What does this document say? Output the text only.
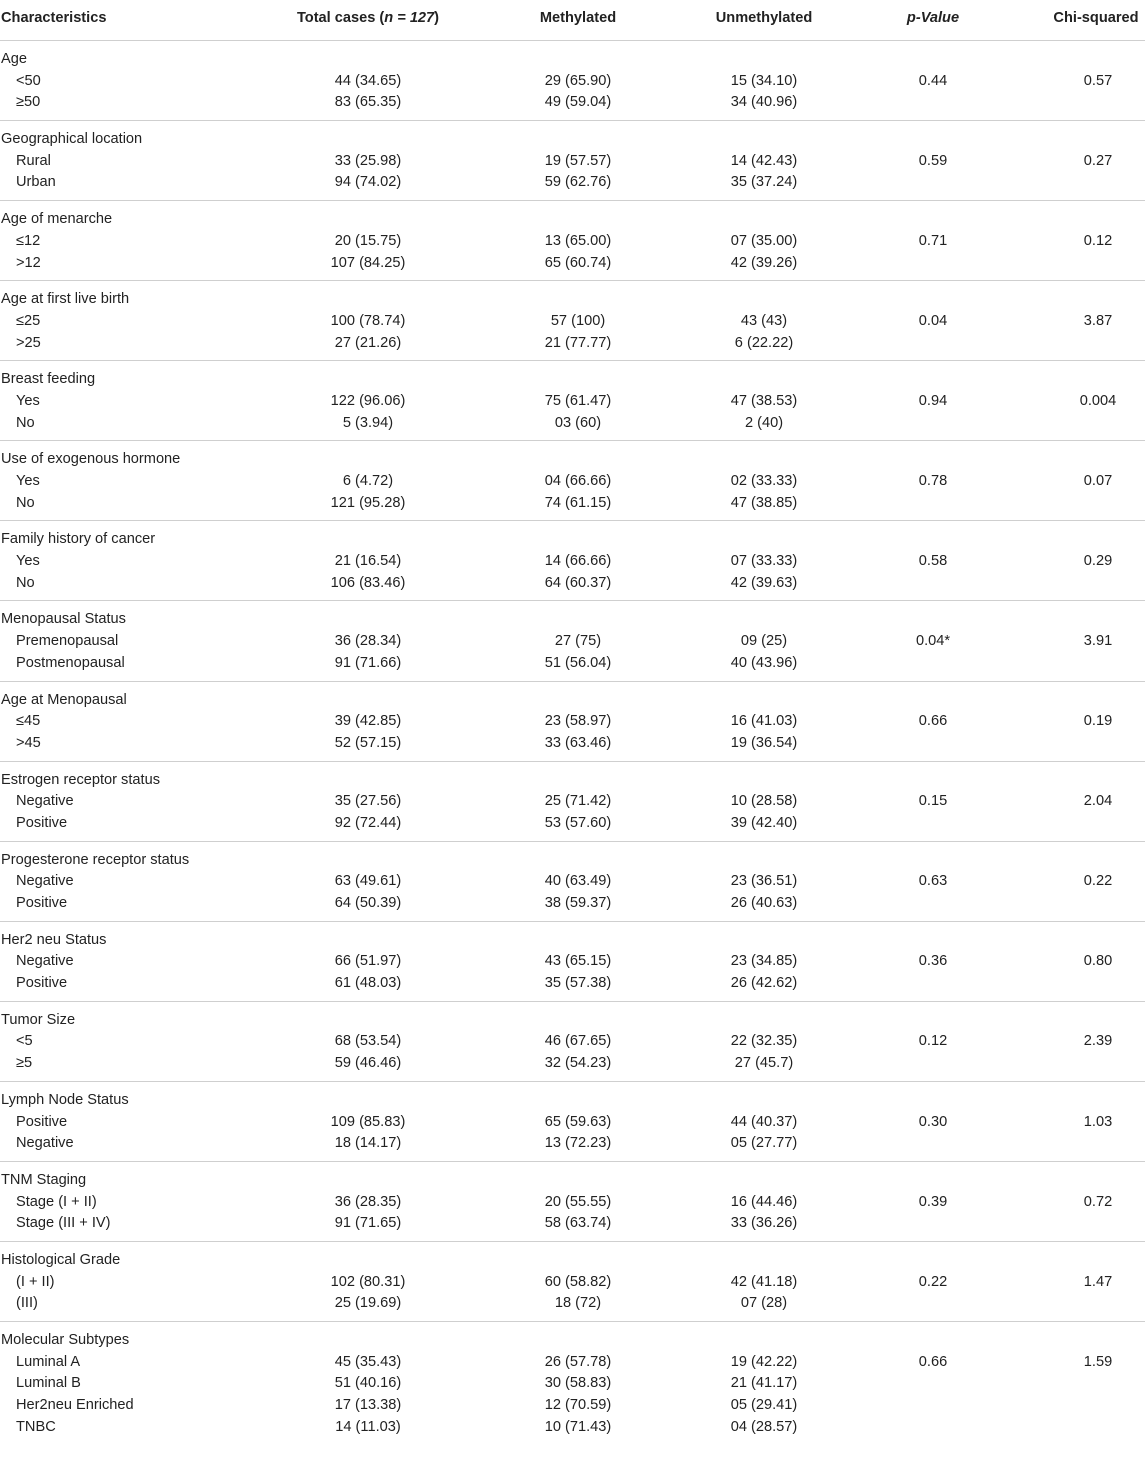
Characteristics	Total cases (n = 127)	Methylated	Unmethylated	p-Value	Chi-squared
Age
<50	44 (34.65)	29 (65.90)	15 (34.10)	0.44	0.57
≥50	83 (65.35)	49 (59.04)	34 (40.96)
Geographical location
Rural	33 (25.98)	19 (57.57)	14 (42.43)	0.59	0.27
Urban	94 (74.02)	59 (62.76)	35 (37.24)
Age of menarche
≤12	20 (15.75)	13 (65.00)	07 (35.00)	0.71	0.12
>12	107 (84.25)	65 (60.74)	42 (39.26)
Age at first live birth
≤25	100 (78.74)	57 (100)	43 (43)	0.04	3.87
>25	27 (21.26)	21 (77.77)	6 (22.22)
Breast feeding
Yes	122 (96.06)	75 (61.47)	47 (38.53)	0.94	0.004
No	5 (3.94)	03 (60)	2 (40)
Use of exogenous hormone
Yes	6 (4.72)	04 (66.66)	02 (33.33)	0.78	0.07
No	121 (95.28)	74 (61.15)	47 (38.85)
Family history of cancer
Yes	21 (16.54)	14 (66.66)	07 (33.33)	0.58	0.29
No	106 (83.46)	64 (60.37)	42 (39.63)
Menopausal Status
Premenopausal	36 (28.34)	27 (75)	09 (25)	0.04*	3.91
Postmenopausal	91 (71.66)	51 (56.04)	40 (43.96)
Age at Menopausal
≤45	39 (42.85)	23 (58.97)	16 (41.03)	0.66	0.19
>45	52 (57.15)	33 (63.46)	19 (36.54)
Estrogen receptor status
Negative	35 (27.56)	25 (71.42)	10 (28.58)	0.15	2.04
Positive	92 (72.44)	53 (57.60)	39 (42.40)
Progesterone receptor status
Negative	63 (49.61)	40 (63.49)	23 (36.51)	0.63	0.22
Positive	64 (50.39)	38 (59.37)	26 (40.63)
Her2 neu Status
Negative	66 (51.97)	43 (65.15)	23 (34.85)	0.36	0.80
Positive	61 (48.03)	35 (57.38)	26 (42.62)
Tumor Size
<5	68 (53.54)	46 (67.65)	22 (32.35)	0.12	2.39
≥5	59 (46.46)	32 (54.23)	27 (45.7)
Lymph Node Status
Positive	109 (85.83)	65 (59.63)	44 (40.37)	0.30	1.03
Negative	18 (14.17)	13 (72.23)	05 (27.77)
TNM Staging
Stage (I + II)	36 (28.35)	20 (55.55)	16 (44.46)	0.39	0.72
Stage (III + IV)	91 (71.65)	58 (63.74)	33 (36.26)
Histological Grade
(I + II)	102 (80.31)	60 (58.82)	42 (41.18)	0.22	1.47
(III)	25 (19.69)	18 (72)	07 (28)
Molecular Subtypes
Luminal A	45 (35.43)	26 (57.78)	19 (42.22)	0.66	1.59
Luminal B	51 (40.16)	30 (58.83)	21 (41.17)
Her2neu Enriched	17 (13.38)	12 (70.59)	05 (29.41)
TNBC	14 (11.03)	10 (71.43)	04 (28.57)
